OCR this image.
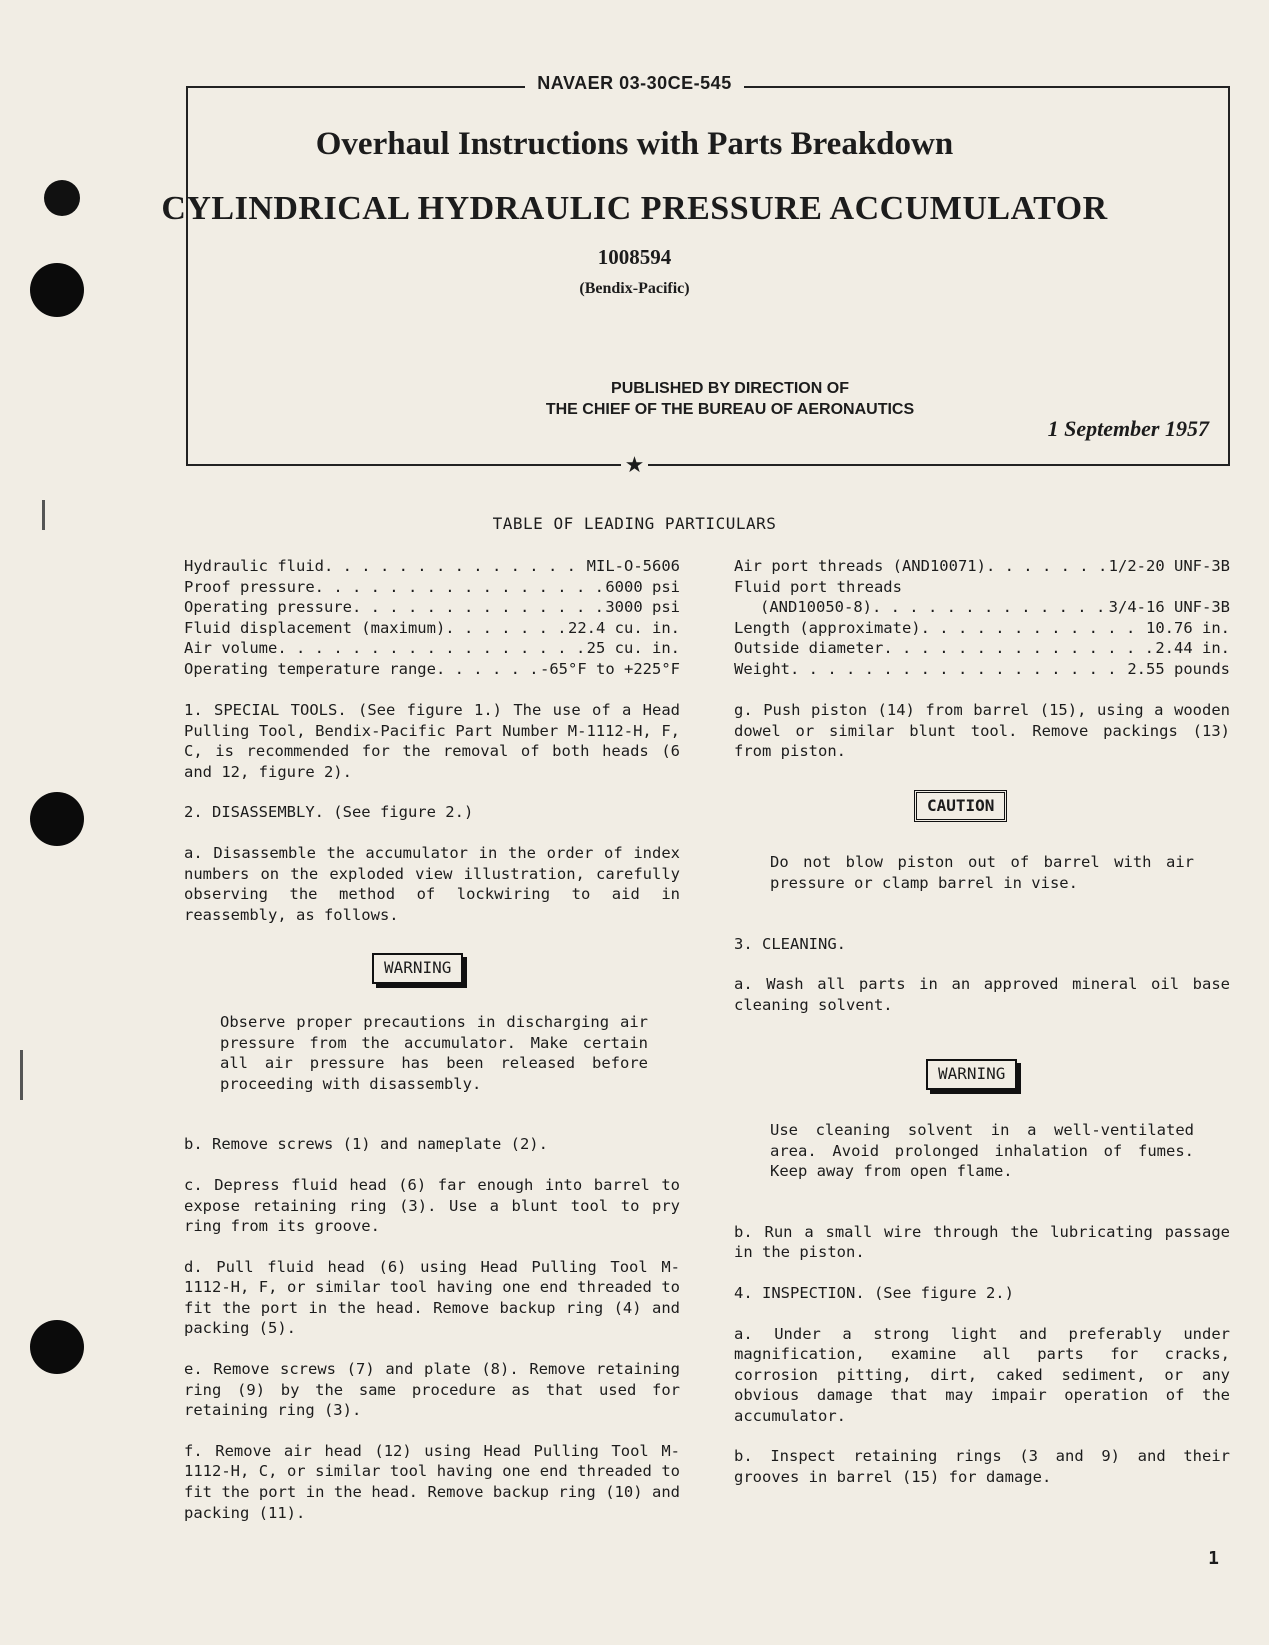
NAVAER 03-30CE-545
Overhaul Instructions with Parts Breakdown
CYLINDRICAL HYDRAULIC PRESSURE ACCUMULATOR
1008594
(Bendix-Pacific)
PUBLISHED BY DIRECTION OF
THE CHIEF OF THE BUREAU OF AERONAUTICS
1 September 1957
★
TABLE OF LEADING PARTICULARS
Hydraulic fluid . . .	MIL-O-5606
Proof pressure . . .	6000 psi
Operating pressure . . .	3000 psi
Fluid displacement (maximum) . . .	22.4 cu. in.
Air volume . . .	25 cu. in.
Operating temperature range . . .	-65°F to +225°F
Air port threads (AND10071) . . .	1/2-20 UNF-3B
Fluid port threads
(AND10050-8) . . .	3/4-16 UNF-3B
Length (approximate) . . .	10.76 in.
Outside diameter . . .	2.44 in.
Weight . . .	2.55 pounds

1. SPECIAL TOOLS. (See figure 1.) The use of a Head Pulling Tool, Bendix-Pacific Part Number M-1112-H, F, C, is recommended for the removal of both heads (6 and 12, figure 2).

2. DISASSEMBLY. (See figure 2.)

a. Disassemble the accumulator in the order of index numbers on the exploded view illustration, carefully observing the method of lockwiring to aid in reassembly, as follows.

WARNING

Observe proper precautions in discharging air pressure from the accumulator. Make certain all air pressure has been released before proceeding with disassembly.

b. Remove screws (1) and nameplate (2).

c. Depress fluid head (6) far enough into barrel to expose retaining ring (3). Use a blunt tool to pry ring from its groove.

d. Pull fluid head (6) using Head Pulling Tool M-1112-H, F, or similar tool having one end threaded to fit the port in the head. Remove backup ring (4) and packing (5).

e. Remove screws (7) and plate (8). Remove retaining ring (9) by the same procedure as that used for retaining ring (3).

f. Remove air head (12) using Head Pulling Tool M-1112-H, C, or similar tool having one end threaded to fit the port in the head. Remove backup ring (10) and packing (11).

g. Push piston (14) from barrel (15), using a wooden dowel or similar blunt tool. Remove packings (13) from piston.

CAUTION

Do not blow piston out of barrel with air pressure or clamp barrel in vise.

3. CLEANING.

a. Wash all parts in an approved mineral oil base cleaning solvent.

WARNING

Use cleaning solvent in a well-ventilated area. Avoid prolonged inhalation of fumes. Keep away from open flame.

b. Run a small wire through the lubricating passage in the piston.

4. INSPECTION. (See figure 2.)

a. Under a strong light and preferably under magnification, examine all parts for cracks, corrosion pitting, dirt, caked sediment, or any obvious damage that may impair operation of the accumulator.

b. Inspect retaining rings (3 and 9) and their grooves in barrel (15) for damage.

1
